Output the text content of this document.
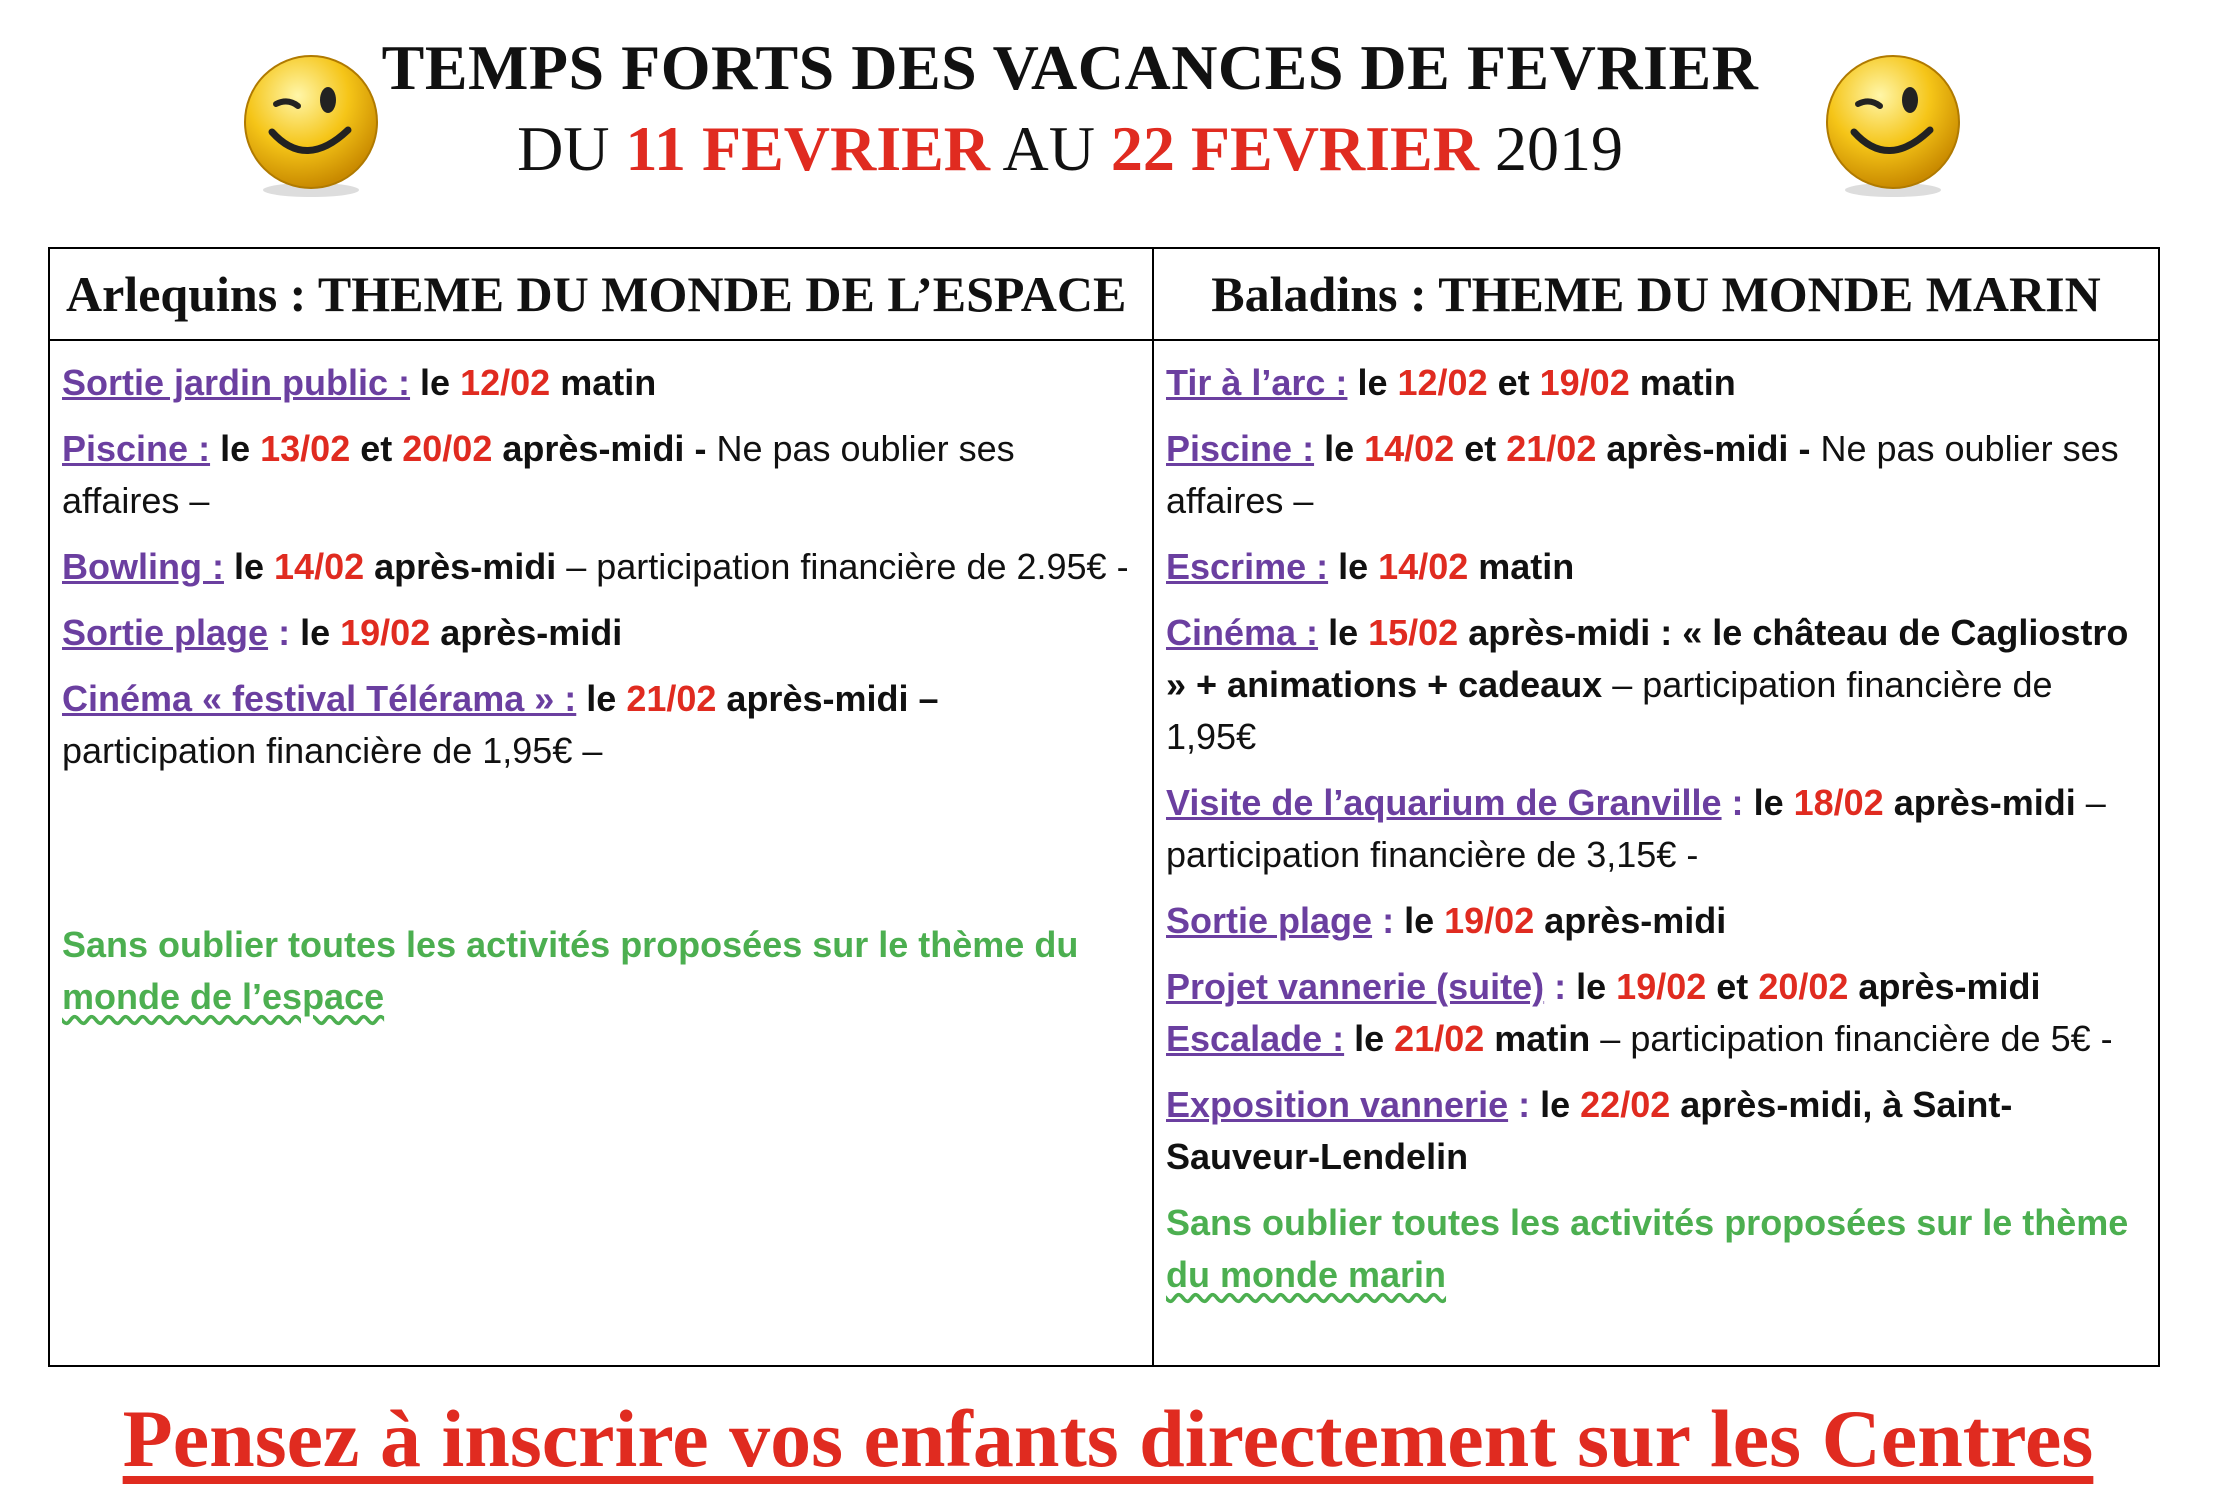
TEMPS FORTS DES VACANCES DE FEVRIER
DU 11 FEVRIER AU 22 FEVRIER 2019
Arlequins : THEME DU MONDE DE L’ESPACE	Baladins : THEME DU MONDE MARIN

Sortie jardin public : le 12/02 matin

Piscine : le 13/02 et 20/02 après-midi - Ne pas oublier ses affaires –

Bowling : le 14/02 après-midi – participation financière de 2.95€ -

Sortie plage : le 19/02 après-midi

Cinéma « festival Télérama » : le 21/02 après-midi – participation financière de 1,95€ –

Sans oublier toutes les activités proposées sur le thème du monde de l’espace

Tir à l’arc : le 12/02 et 19/02 matin

Piscine : le 14/02 et 21/02 après-midi - Ne pas oublier ses affaires –

Escrime : le 14/02 matin

Cinéma : le 15/02 après-midi : « le château de Cagliostro » + animations + cadeaux – participation financière de 1,95€

Visite de l’aquarium de Granville : le 18/02 après-midi – participation financière de 3,15€ -

Sortie plage : le 19/02 après-midi

Projet vannerie (suite) : le 19/02 et 20/02 après-midi

Escalade : le 21/02 matin – participation financière de 5€ -

Exposition vannerie : le 22/02 après-midi, à Saint-Sauveur-Lendelin

Sans oublier toutes les activités proposées sur le thème du monde marin

Pensez à inscrire vos enfants directement sur les Centres
